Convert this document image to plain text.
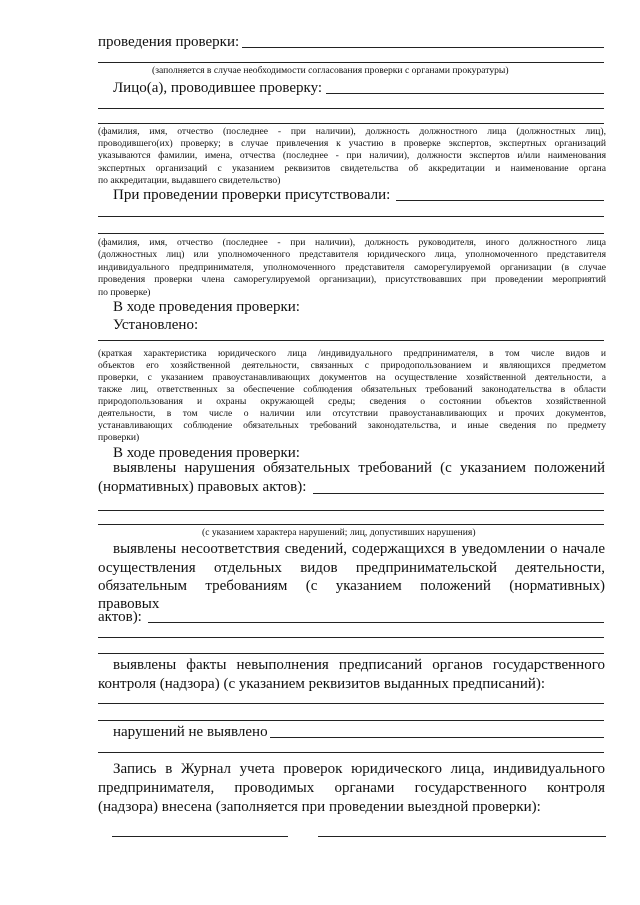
проведения проверки:
(заполняется в случае необходимости согласования проверки с органами прокуратуры)
Лицо(а), проводившее проверку:
(фамилия, имя, отчество (последнее - при наличии), должность должностного лица (должностных лиц),
проводившего(их) проверку; в случае привлечения к участию в проверке экспертов, экспертных организаций
указываются фамилии, имена, отчества (последнее - при наличии), должности экспертов и/или наименования
экспертных организаций с указанием реквизитов свидетельства об аккредитации и наименование органа
по аккредитации, выдавшего свидетельство)
При проведении проверки присутствовали:
(фамилия, имя, отчество (последнее - при наличии), должность руководителя, иного должностного лица
(должностных лиц) или уполномоченного представителя юридического лица, уполномоченного представителя
индивидуального предпринимателя, уполномоченного представителя саморегулируемой организации (в случае
проведения проверки члена саморегулируемой организации), присутствовавших при проведении мероприятий
по проверке)
В ходе проведения проверки:
Установлено:
(краткая характеристика юридического лица /индивидуального предпринимателя, в том числе видов и
объектов его хозяйственной деятельности, связанных с природопользованием и являющихся предметом
проверки, с указанием правоустанавливающих документов на осуществление хозяйственной деятельности, а
также лиц, ответственных за обеспечение соблюдения обязательных требований законодательства в области
природопользования и охраны окружающей среды; сведения о состоянии объектов хозяйственной
деятельности, в том числе о наличии или отсутствии правоустанавливающих и прочих документов,
устанавливающих соблюдение обязательных требований законодательства, и иные сведения по предмету
проверки)
В ходе проведения проверки:
выявлены нарушения обязательных требований (с указанием положений
(нормативных) правовых актов):
(с указанием характера нарушений; лиц, допустивших нарушения)
выявлены несоответствия сведений, содержащихся в уведомлении о начале
осуществления отдельных видов предпринимательской деятельности,
обязательным требованиям (с указанием положений (нормативных)
правовых
актов):
выявлены факты невыполнения предписаний органов государственного
контроля (надзора) (с указанием реквизитов выданных предписаний):
нарушений не выявлено
Запись в Журнал учета проверок юридического лица, индивидуального
предпринимателя, проводимых органами государственного контроля
(надзора) внесена (заполняется при проведении выездной проверки):
